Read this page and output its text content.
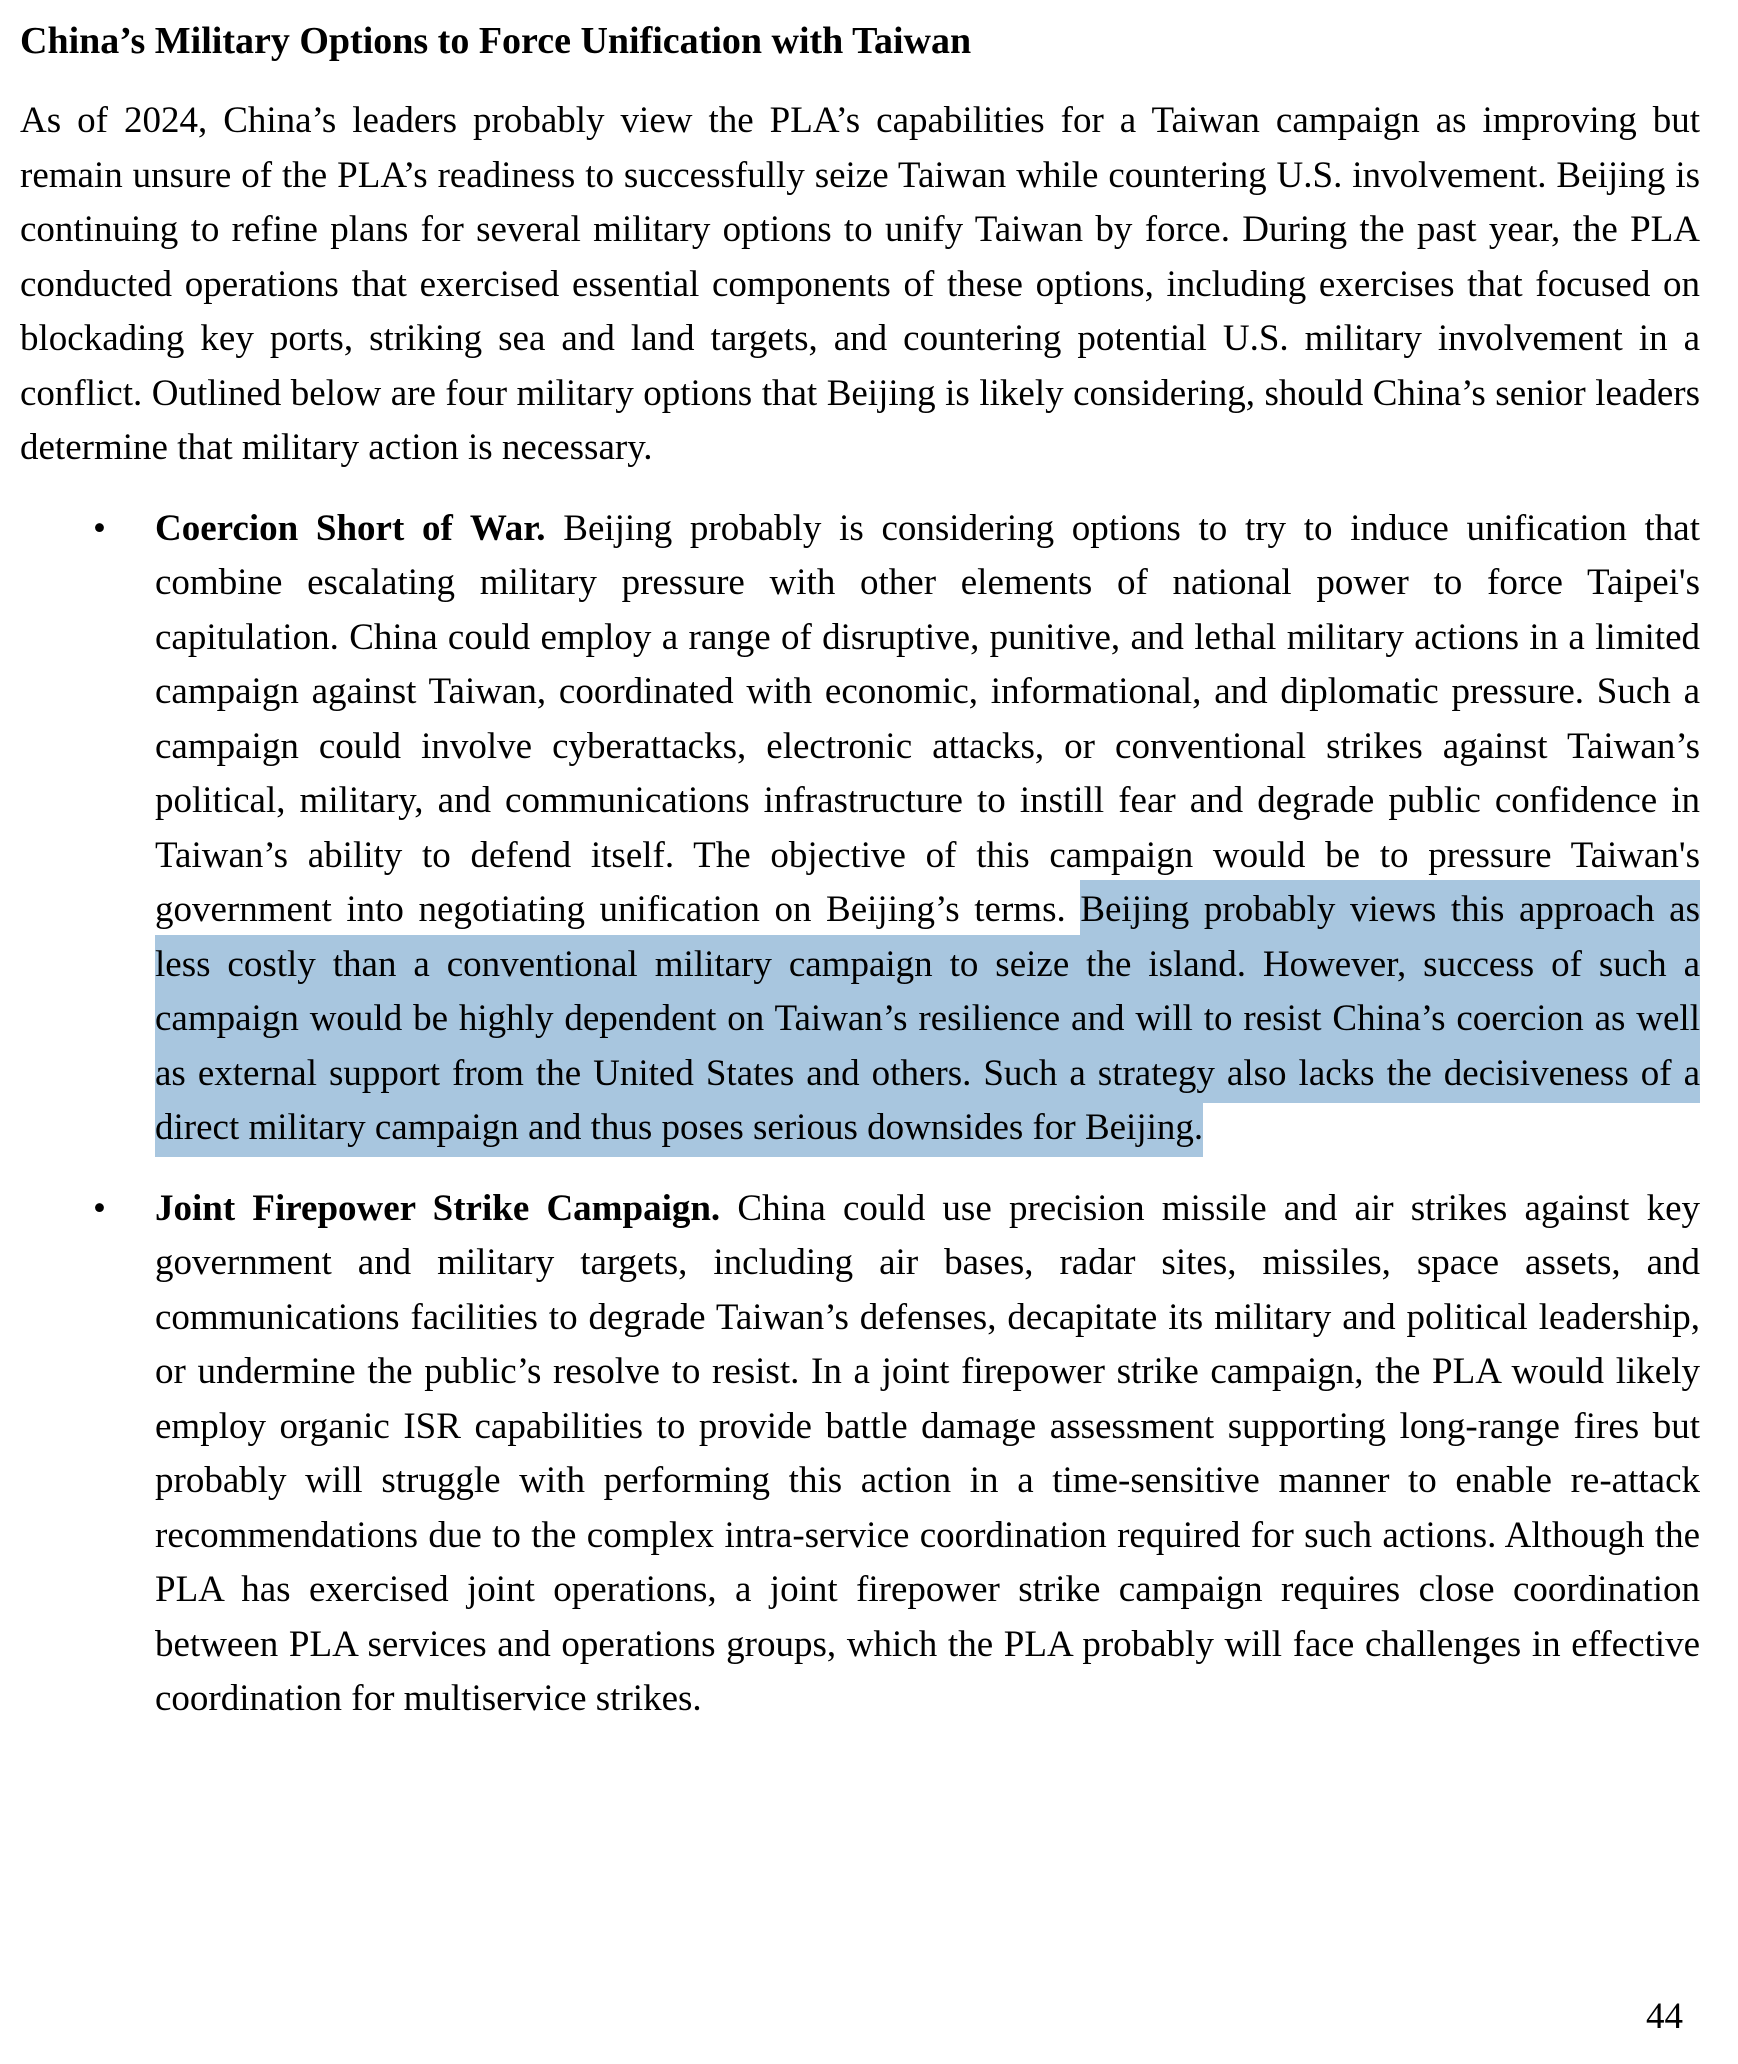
China’s Military Options to Force Unification with Taiwan

As of 2024, China’s leaders probably view the PLA’s capabilities for a Taiwan campaign as improving but remain unsure of the PLA’s readiness to successfully seize Taiwan while countering U.S. involvement. Beijing is continuing to refine plans for several military options to unify Taiwan by force. During the past year, the PLA conducted operations that exercised essential components of these options, including exercises that focused on blockading key ports, striking sea and land targets, and countering potential U.S. military involvement in a conflict. Outlined below are four military options that Beijing is likely considering, should China’s senior leaders determine that military action is necessary.

• Coercion Short of War. Beijing probably is considering options to try to induce unification that combine escalating military pressure with other elements of national power to force Taipei's capitulation. China could employ a range of disruptive, punitive, and lethal military actions in a limited campaign against Taiwan, coordinated with economic, informational, and diplomatic pressure. Such a campaign could involve cyberattacks, electronic attacks, or conventional strikes against Taiwan’s political, military, and communications infrastructure to instill fear and degrade public confidence in Taiwan’s ability to defend itself. The objective of this campaign would be to pressure Taiwan's government into negotiating unification on Beijing’s terms. Beijing probably views this approach as less costly than a conventional military campaign to seize the island. However, success of such a campaign would be highly dependent on Taiwan’s resilience and will to resist China’s coercion as well as external support from the United States and others. Such a strategy also lacks the decisiveness of a direct military campaign and thus poses serious downsides for Beijing.
• Joint Firepower Strike Campaign. China could use precision missile and air strikes against key government and military targets, including air bases, radar sites, missiles, space assets, and communications facilities to degrade Taiwan’s defenses, decapitate its military and political leadership, or undermine the public’s resolve to resist. In a joint firepower strike campaign, the PLA would likely employ organic ISR capabilities to provide battle damage assessment supporting long-range fires but probably will struggle with performing this action in a time-sensitive manner to enable re-attack recommendations due to the complex intra-service coordination required for such actions. Although the PLA has exercised joint operations, a joint firepower strike campaign requires close coordination between PLA services and operations groups, which the PLA probably will face challenges in effective coordination for multiservice strikes.
44
